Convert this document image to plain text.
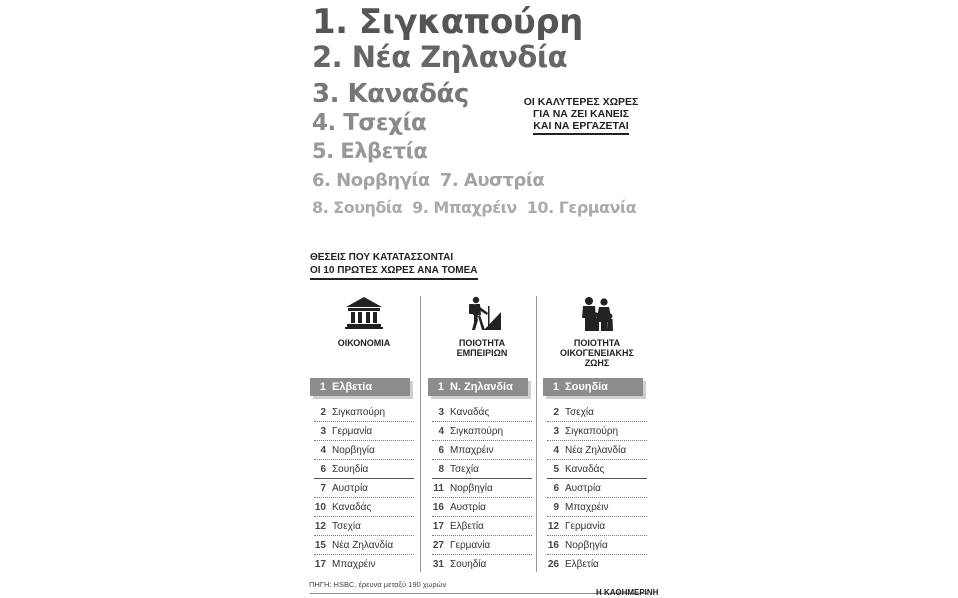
1. Σιγκαπούρη
2. Νέα Ζηλανδία
3. Καναδάς
4. Τσεχία
5. Ελβετία
6. Νορβηγία 7. Αυστρία
8. Σουηδία 9. Μπαχρέιν 10. Γερμανία
ΟΙ ΚΑΛΥΤΕΡΕΣ ΧΩΡΕΣ
ΓΙΑ ΝΑ ΖΕΙ ΚΑΝΕΙΣ
ΚΑΙ ΝΑ ΕΡΓΑΖΕΤΑΙ
ΘΕΣΕΙΣ ΠΟΥ ΚΑΤΑΤΑΣΣΟΝΤΑΙ
ΟΙ 10 ΠΡΩΤΕΣ ΧΩΡΕΣ ΑΝΑ ΤΟΜΕΑ
ΟΙΚΟΝΟΜΙΑ
1 Ελβετία
2 Σιγκαπούρη
3 Γερμανία
4 Νορβηγία
6 Σουηδία
7 Αυστρία
10 Καναδάς
12 Τσεχία
15 Νέα Ζηλανδία
17 Μπαχρέιν
ΠΟΙΟΤΗΤΑ
ΕΜΠΕΙΡΙΩΝ
1 Ν. Ζηλανδία
3 Καναδάς
4 Σιγκαπούρη
6 Μπαχρέιν
8 Τσεχία
11 Νορβηγία
16 Αυστρία
17 Ελβετία
27 Γερμανία
31 Σουηδία
ΠΟΙΟΤΗΤΑ
ΟΙΚΟΓΕΝΕΙΑΚΗΣ
ΖΩΗΣ
1 Σουηδία
2 Τσεχία
3 Σιγκαπούρη
4 Νέα Ζηλανδία
5 Καναδάς
6 Αυστρία
9 Μπαχρέιν
12 Γερμανία
16 Νορβηγία
26 Ελβετία
ΠΗΓΗ: HSBC, έρευνα μεταξύ 190 χωρών
Η ΚΑΘΗΜΕΡΙΝΗ
